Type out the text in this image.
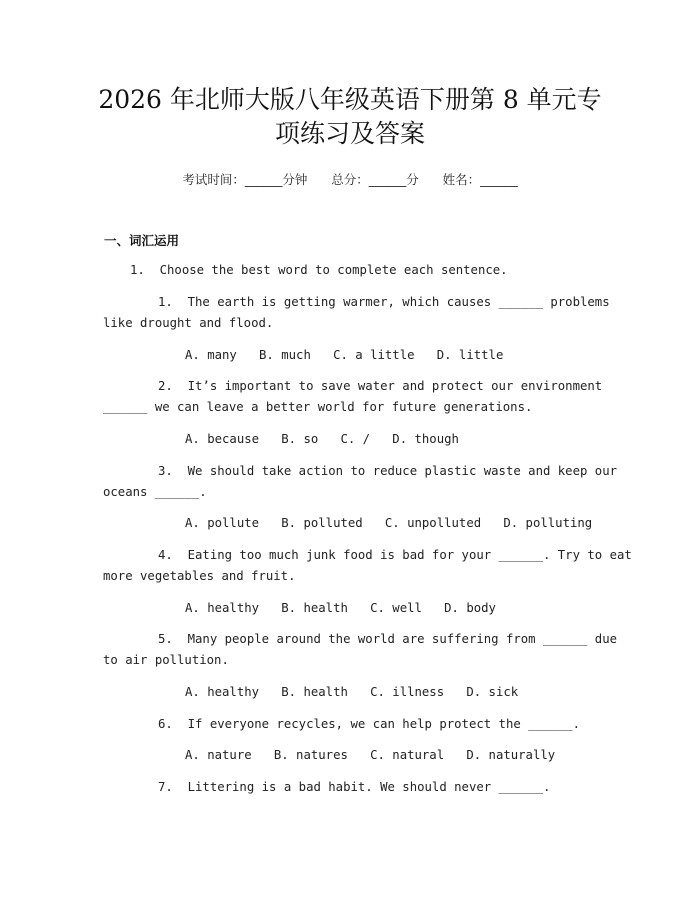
2026 年北师大版八年级英语下册第 8 单元专
项练习及答案
考试时间：______分钟      总分：______分      姓名：______
一、词汇运用
1.  Choose the best word to complete each sentence.
1.  The earth is getting warmer, which causes ______ problems
like drought and flood.
A. many   B. much   C. a little   D. little
2.  It’s important to save water and protect our environment
______ we can leave a better world for future generations.
A. because   B. so   C. /   D. though
3.  We should take action to reduce plastic waste and keep our
oceans ______.
A. pollute   B. polluted   C. unpolluted   D. polluting
4.  Eating too much junk food is bad for your ______. Try to eat
more vegetables and fruit.
A. healthy   B. health   C. well   D. body
5.  Many people around the world are suffering from ______ due
to air pollution.
A. healthy   B. health   C. illness   D. sick
6.  If everyone recycles, we can help protect the ______.
A. nature   B. natures   C. natural   D. naturally
7.  Littering is a bad habit. We should never ______.
